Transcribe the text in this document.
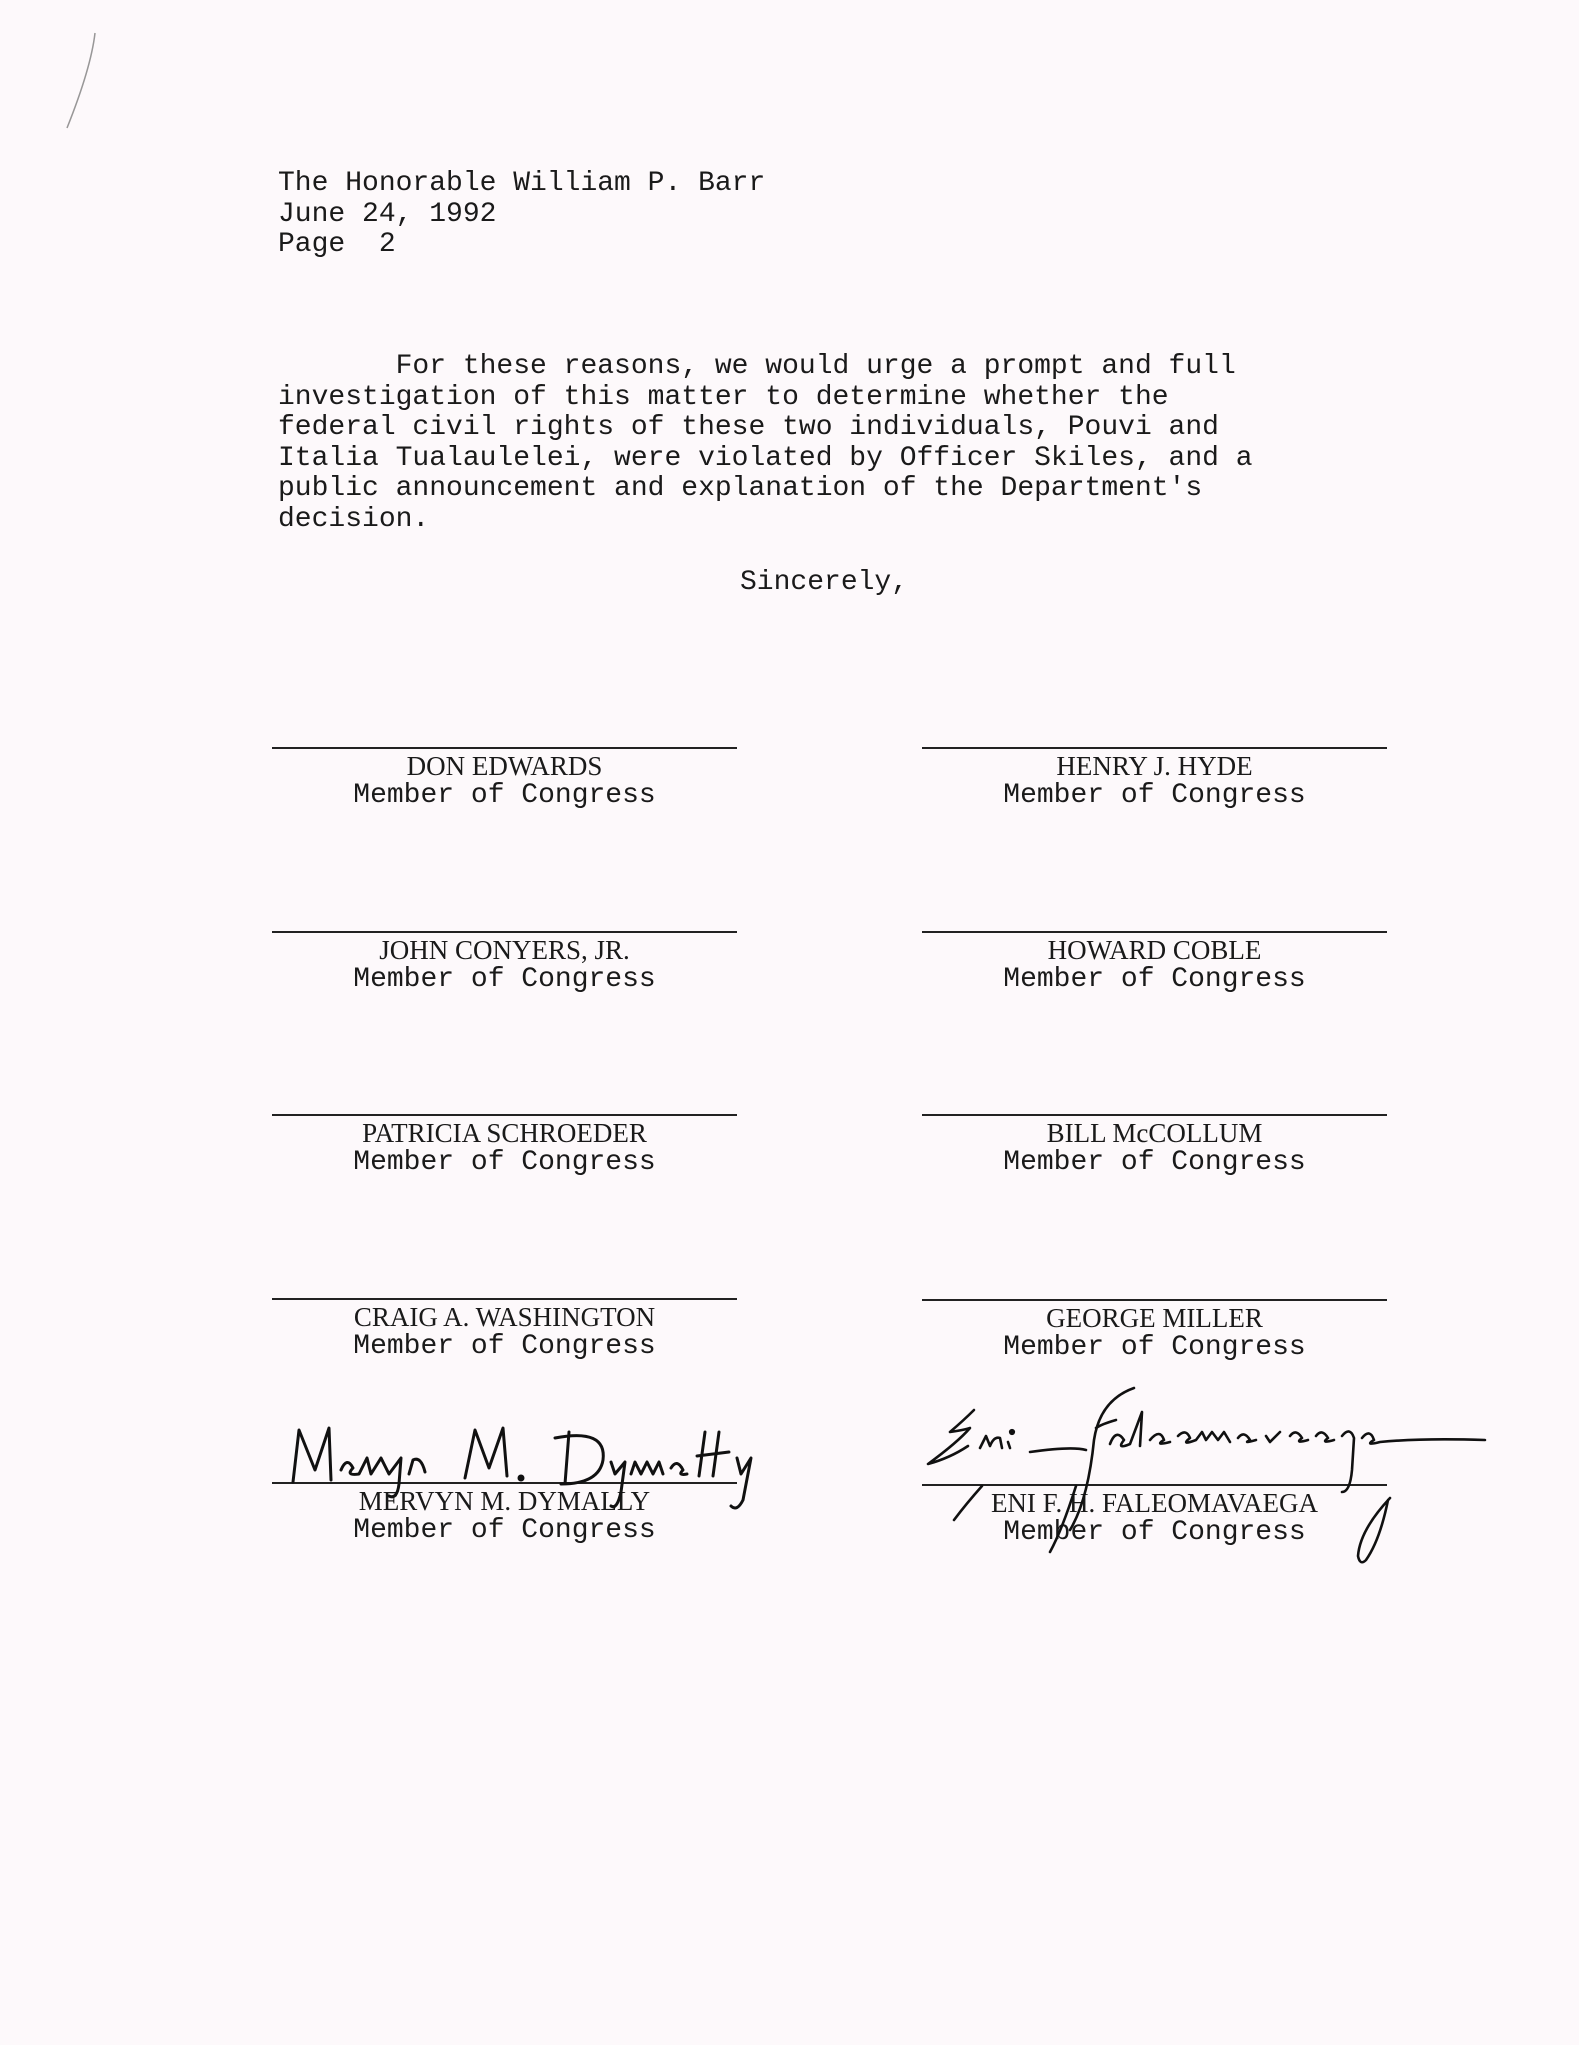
The Honorable William P. Barr
June 24, 1992
Page  2
For these reasons, we would urge a prompt and full
investigation of this matter to determine whether the
federal civil rights of these two individuals, Pouvi and
Italia Tualaulelei, were violated by Officer Skiles, and a
public announcement and explanation of the Department's
decision.
Sincerely,
DON EDWARDS
Member of Congress
HENRY J. HYDE
Member of Congress
JOHN CONYERS, JR.
Member of Congress
HOWARD COBLE
Member of Congress
PATRICIA SCHROEDER
Member of Congress
BILL McCOLLUM
Member of Congress
CRAIG A. WASHINGTON
Member of Congress
GEORGE MILLER
Member of Congress
MERVYN M. DYMALLY
Member of Congress
ENI F. H. FALEOMAVAEGA
Member of Congress
